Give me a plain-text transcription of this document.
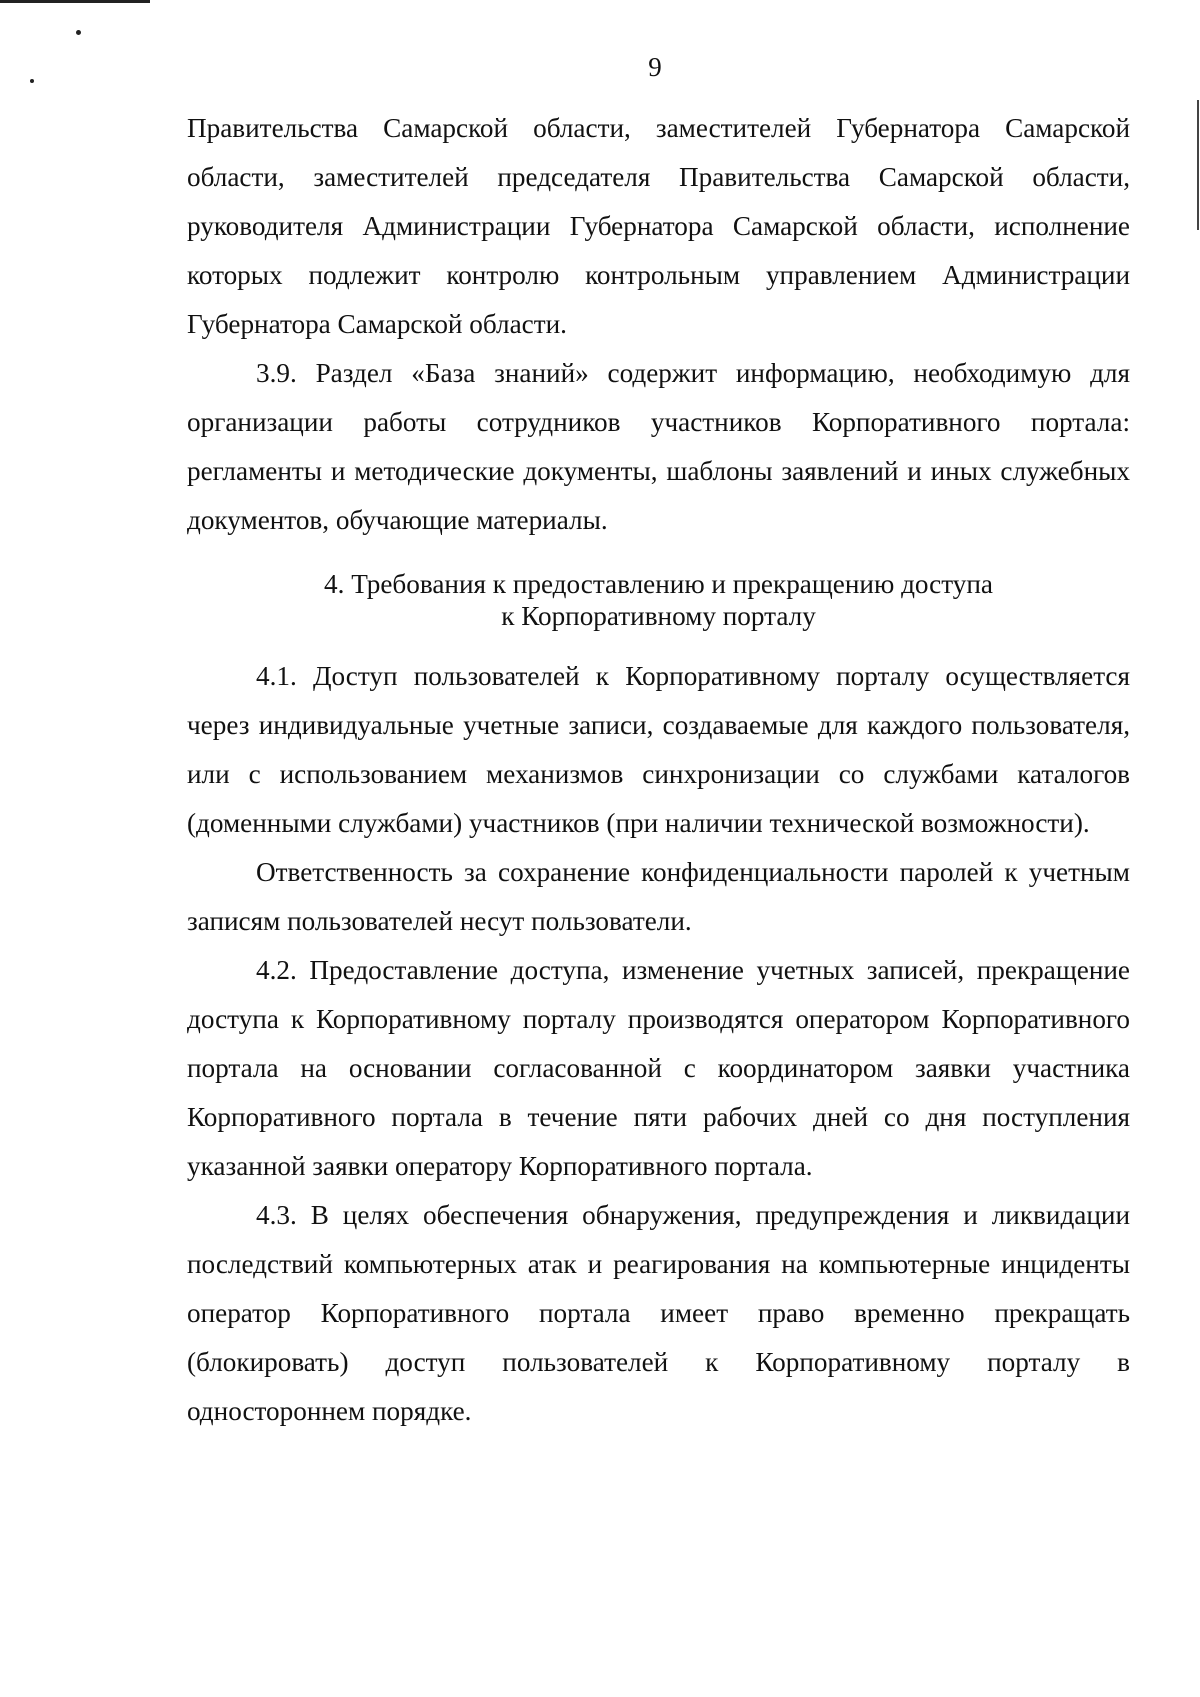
9

Правительства Самарской области, заместителей Губернатора Самарской области, заместителей председателя Правительства Самарской области, руководителя Администрации Губернатора Самарской области, исполнение которых подлежит контролю контрольным управлением Администрации Губернатора Самарской области.

3.9. Раздел «База знаний» содержит информацию, необходимую для организации работы сотрудников участников Корпоративного портала: регламенты и методические документы, шаблоны заявлений и иных служебных документов, обучающие материалы.

4. Требования к предоставлению и прекращению доступа
к Корпоративному порталу

4.1. Доступ пользователей к Корпоративному порталу осуществляется через индивидуальные учетные записи, создаваемые для каждого пользователя, или с использованием механизмов синхронизации со службами каталогов (доменными службами) участников (при наличии технической возможности).

Ответственность за сохранение конфиденциальности паролей к учетным записям пользователей несут пользователи.

4.2. Предоставление доступа, изменение учетных записей, прекращение доступа к Корпоративному порталу производятся оператором Корпоративного портала на основании согласованной с координатором заявки участника Корпоративного портала в течение пяти рабочих дней со дня поступления указанной заявки оператору Корпоративного портала.

4.3. В целях обеспечения обнаружения, предупреждения и ликвидации последствий компьютерных атак и реагирования на компьютерные инциденты оператор Корпоративного портала имеет право временно прекращать (блокировать) доступ пользователей к Корпоративному порталу в одностороннем порядке.
